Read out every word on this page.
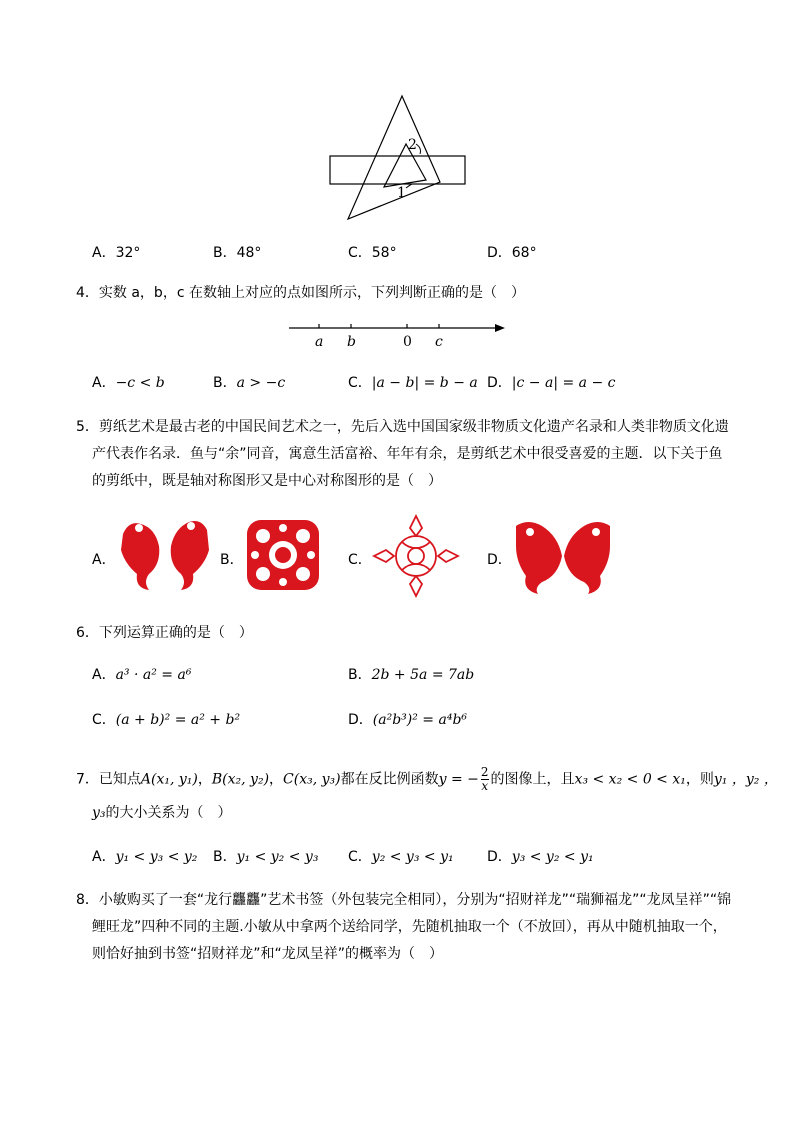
2
1
A．32°	B．48°	C．58°	D．68°
4．实数 a，b，c 在数轴上对应的点如图所示，下列判断正确的是（　）
a b	0 c
A．−c < b	B．a > −c	C．|a − b| = b − a D．|c − a| = a − c
5．剪纸艺术是最古老的中国民间艺术之一，先后入选中国国家级非物质文化遗产名录和人类非物质文化遗
产代表作名录．鱼与“余”同音，寓意生活富裕、年年有余，是剪纸艺术中很受喜爱的主题．以下关于鱼
的剪纸中，既是轴对称图形又是中心对称图形的是（　）
A．	B．	C．	D．
6．下列运算正确的是（　）
A．a³ · a² = a⁶	B．2b + 5a = 7ab
C．(a + b)² = a² + b²	D．(a²b³)² = a⁴b⁶
7．已知点A(x₁, y₁)，B(x₂, y₂)，C(x₃, y₃)都在反比例函数y = − $\frac{2}{x}$ 的图像上，且x₃ < x₂ < 0 < x₁，则y₁ ，y₂ ，
y₃的大小关系为（　）
A．y₁ < y₃ < y₂ B．y₁ < y₂ < y₃ C．y₂ < y₃ < y₁ D．y₃ < y₂ < y₁
8．小敏购买了一套“龙行龘龘”艺术书签（外包装完全相同），分别为“招财祥龙”“瑞狮福龙”“龙凤呈祥”“锦
鲤旺龙”四种不同的主题.小敏从中拿两个送给同学，先随机抽取一个（不放回），再从中随机抽取一个，
则恰好抽到书签“招财祥龙”和“龙凤呈祥”的概率为（　）
